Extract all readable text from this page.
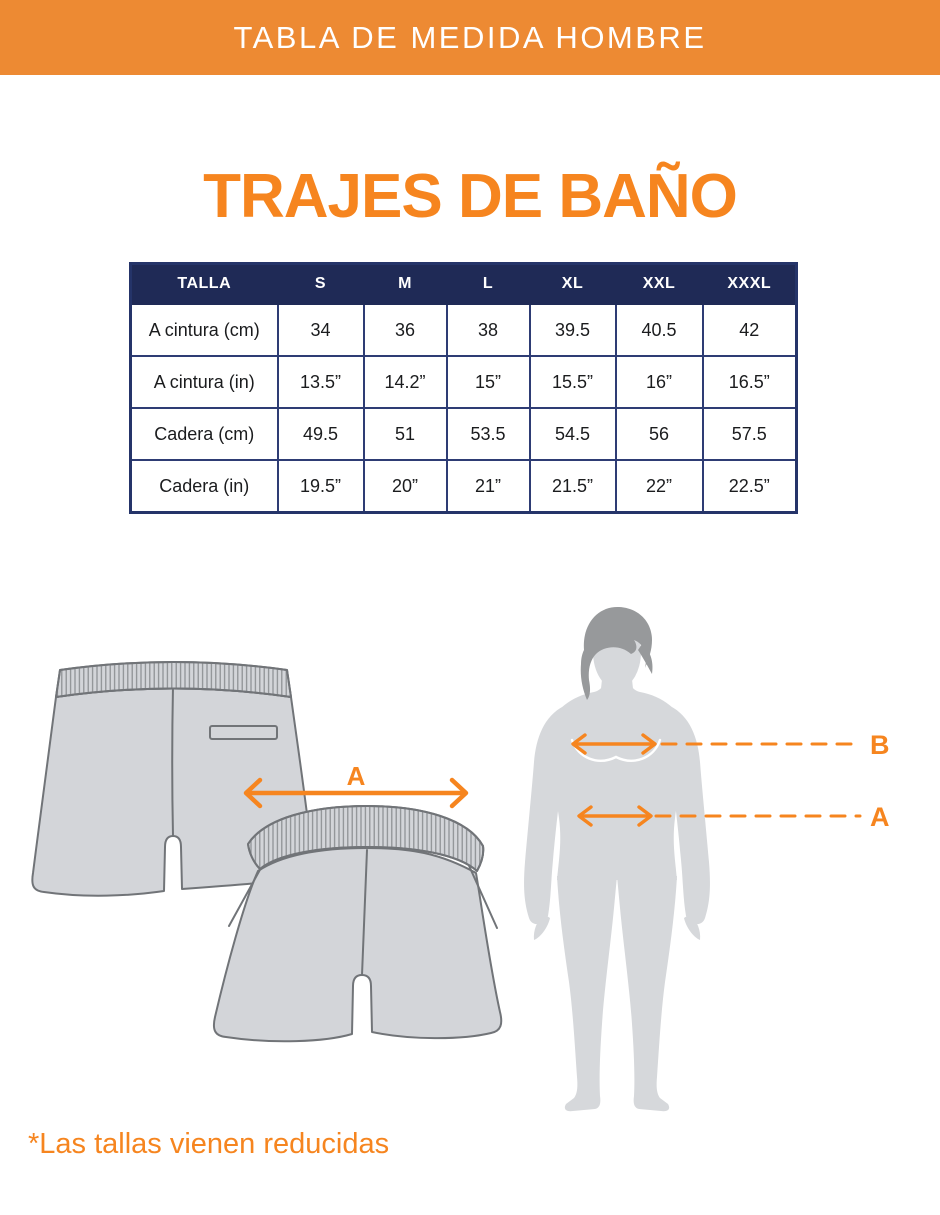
TABLA DE MEDIDA HOMBRE
TRAJES DE BAÑO
TALLA	S	M	L	XL	XXL	XXXL
A cintura (cm)	34	36	38	39.5	40.5	42
A cintura (in)	13.5”	14.2”	15”	15.5”	16”	16.5”
Cadera (cm)	49.5	51	53.5	54.5	56	57.5
Cadera (in)	19.5”	20”	21”	21.5”	22”	22.5”
A
B
A

*Las tallas vienen reducidas
